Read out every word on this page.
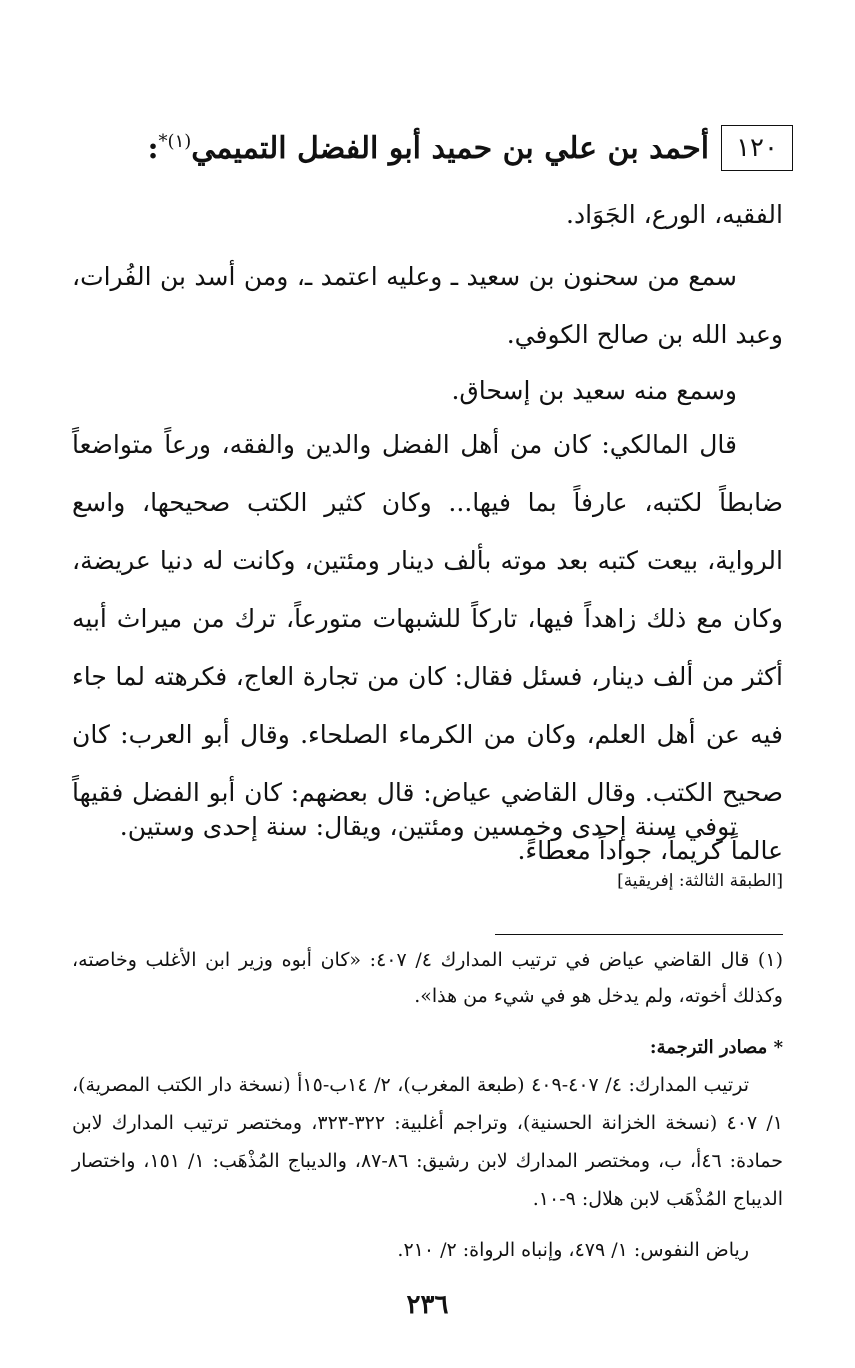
١٢٠
أحمد بن علي بن حميد أبو الفضل التميمي$^{(١)*}$:
الفقيه، الورع، الجَوَاد.
سمع من سحنون بن سعيد ـ وعليه اعتمد ـ، ومن أسد بن الفُرات، وعبد الله بن صالح الكوفي.
وسمع منه سعيد بن إسحاق.
قال المالكي: كان من أهل الفضل والدين والفقه، ورعاً متواضعاً ضابطاً لكتبه، عارفاً بما فيها... وكان كثير الكتب صحيحها، واسع الرواية، بيعت كتبه بعد موته بألف دينار ومئتين، وكانت له دنيا عريضة، وكان مع ذلك زاهداً فيها، تاركاً للشبهات متورعاً، ترك من ميراث أبيه أكثر من ألف دينار، فسئل فقال: كان من تجارة العاج، فكرهته لما جاء فيه عن أهل العلم، وكان من الكرماء الصلحاء. وقال أبو العرب: كان صحيح الكتب. وقال القاضي عياض: قال بعضهم: كان أبو الفضل فقيهاً عالماً كريماً، جواداً معطاءً.
توفي سنة إحدى وخمسين ومئتين، ويقال: سنة إحدى وستين.
[الطبقة الثالثة: إفريقية]
(١) قال القاضي عياض في ترتيب المدارك ٤/ ٤٠٧: «كان أبوه وزير ابن الأغلب وخاصته، وكذلك أخوته، ولم يدخل هو في شيء من هذا».
* مصادر الترجمة:
ترتيب المدارك: ٤/ ٤٠٧-٤٠٩ (طبعة المغرب)، ٢/ ١٤ب-١٥أ (نسخة دار الكتب المصرية)، ١/ ٤٠٧ (نسخة الخزانة الحسنية)، وتراجم أغلبية: ٣٢٢-٣٢٣، ومختصر ترتيب المدارك لابن حمادة: ٤٦أ، ب، ومختصر المدارك لابن رشيق: ٨٦-٨٧، والديباج المُذْهَب: ١/ ١٥١، واختصار الديباج المُذْهَب لابن هلال: ٩-١٠.
رياض النفوس: ١/ ٤٧٩، وإنباه الرواة: ٢/ ٢١٠.
٢٣٦
